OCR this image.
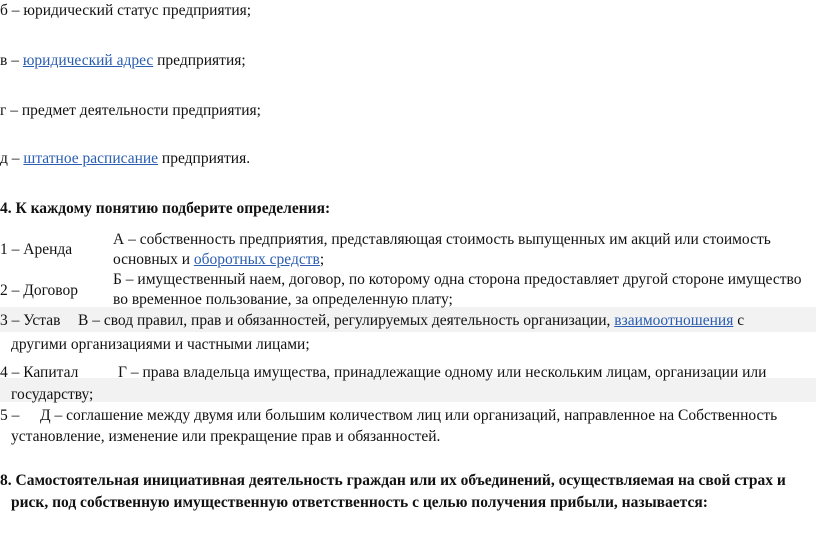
б – юридический статус предприятия;
в – юридический адрес предприятия;
г – предмет деятельности предприятия;
д – штатное расписание предприятия.
4. К каждому понятию подберите определения:
1 – Аренда
А – собственность предприятия, представляющая стоимость выпущенных им акций или стоимость
основных и оборотных средств;
2 – Договор
Б – имущественный наем, договор, по которому одна сторона предоставляет другой стороне имущество
во временное пользование, за определенную плату;
3 – Устав В – свод правил, прав и обязанностей, регулируемых деятельность организации, взаимоотношения с
другими организациями и частными лицами;
4 – Капитал	Г – права владельца имущества, принадлежащие одному или нескольким лицам, организации или
государству;
5 – Д – соглашение между двумя или большим количеством лиц или организаций, направленное на Собственность
установление, изменение или прекращение прав и обязанностей.
8. Самостоятельная инициативная деятельность граждан или их объединений, осуществляемая на свой страх и
риск, под собственную имущественную ответственность с целью получения прибыли, называется:
